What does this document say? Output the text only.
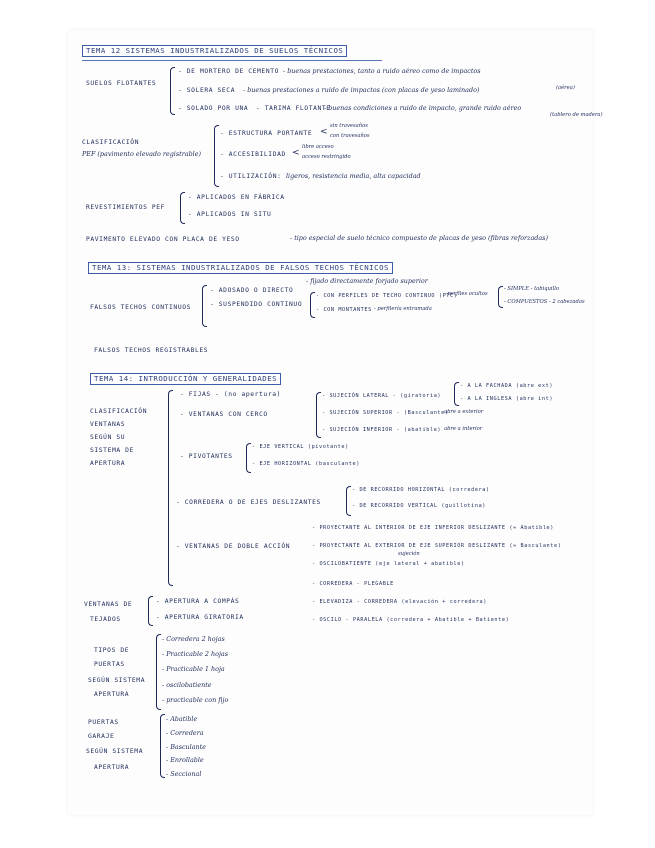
TEMA 12 SISTEMAS INDUSTRIALIZADOS DE SUELOS TÉCNICOS
SUELOS FLOTANTES
- DE MORTERO DE CEMENTO - buenas prestaciones, tanto a ruido aéreo como de impactos
- SOLERA SECA - buenas prestaciones a ruido de impactos (con placas de yeso laminado)	(aérea)
- SOLADO POR UNA - TARIMA FLOTANTE
- buenas condiciones a ruido de impacto, grande ruido aéreo
(tablero de madera)
CLASIFICACIÓN
PEF (pavimento elevado registrable)
- ESTRUCTURA PORTANTE <
sin travesaños
con travesaños
- ACCESIBILIDAD <
libre acceso
acceso restringido
- UTILIZACIÓN: ligeros, resistencia media, alta capacidad
REVESTIMIENTOS PEF
- APLICADOS EN FÁBRICA
- APLICADOS IN SITU
PAVIMENTO ELEVADO CON PLACA DE YESO	- tipo especial de suelo técnico compuesto de placas de yeso (fibras reforzadas)
TEMA 13: SISTEMAS INDUSTRIALIZADOS DE FALSOS TECHOS TÉCNICOS
FALSOS TECHOS CONTINUOS
- ADOSADO O DIRECTO
- fijado directamente forjado superior
- SUSPENDIDO CONTINUO
- CON PERFILES DE TECHO CONTINUO (PTC)
- perfiles ocultos
- CON MONTANTES - perfilería entramada
- SIMPLE - tabiquillo
- COMPUESTOS - 2 cabezadas
FALSOS TECHOS REGISTRABLES
TEMA 14: INTRODUCCIÓN Y GENERALIDADES
CLASIFICACIÓN
VENTANAS
SEGÚN SU
SISTEMA DE
APERTURA
- FIJAS - (no apertura)
- VENTANAS CON CERCO
- SUJECIÓN LATERAL - (giratoria)
- A LA FACHADA (abre ext)
- A LA INGLESA (abre int)
- SUJECIÓN SUPERIOR - (Basculante)
abre a exterior
- SUJECIÓN INFERIOR - (abatible) abre a interior
- PIVOTANTES
- EJE VERTICAL (pivotante)
- EJE HORIZONTAL (basculante)
- CORREDERA O DE EJES DESLIZANTES
- DE RECORRIDO HORIZONTAL (corredera)
- DE RECORRIDO VERTICAL (guillotina)
- VENTANAS DE DOBLE ACCIÓN
- PROYECTANTE AL INTERIOR DE EJE INFERIOR DESLIZANTE (≈ Abatible)
- PROYECTANTE AL EXTERIOR DE EJE SUPERIOR DESLIZANTE (≈ Basculante)
sujeción
- OSCILOBATIENTE (eje lateral + abatible)
- CORREDERA - PLEGABLE
- ELEVADIZA - CORREDERA (elevación + corredera)
- OSCILO - PARALELA (corredera + Abatible + Batiente)
VENTANAS DE
TEJADOS
- APERTURA A COMPÁS
- APERTURA GIRATORIA
TIPOS DE
PUERTAS
SEGÚN SISTEMA
APERTURA
- Corredera 2 hojas
- Practicable 2 hojas
- Practicable 1 hoja
- oscilobatiente
- practicable con fijo
PUERTAS
GARAJE
SEGÚN SISTEMA
APERTURA
- Abatible
- Corredera
- Basculante
- Enrollable
- Seccional
